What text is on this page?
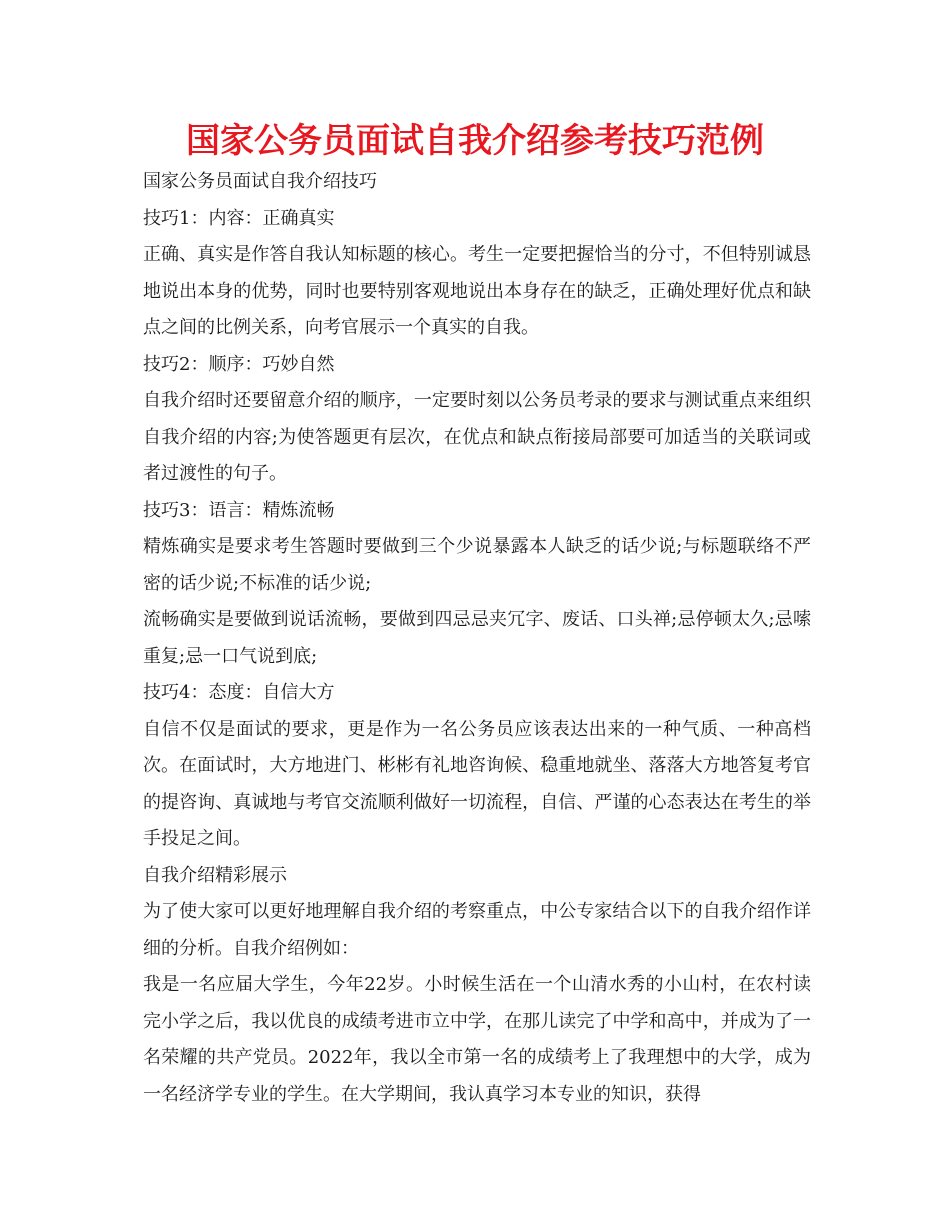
国家公务员面试自我介绍参考技巧范例

国家公务员面试自我介绍技巧

技巧1：内容：正确真实

正确、真实是作答自我认知标题的核心。考生一定要把握恰当的分寸，不但特别诚恳地说出本身的优势，同时也要特别客观地说出本身存在的缺乏，正确处理好优点和缺点之间的比例关系，向考官展示一个真实的自我。

技巧2：顺序：巧妙自然

自我介绍时还要留意介绍的顺序，一定要时刻以公务员考录的要求与测试重点来组织自我介绍的内容;为使答题更有层次，在优点和缺点衔接局部要可加适当的关联词或者过渡性的句子。

技巧3：语言：精炼流畅

精炼确实是要求考生答题时要做到三个少说暴露本人缺乏的话少说;与标题联络不严密的话少说;不标准的话少说;

流畅确实是要做到说话流畅，要做到四忌忌夹冗字、废话、口头禅;忌停顿太久;忌嗦重复;忌一口气说到底;

技巧4：态度：自信大方

自信不仅是面试的要求，更是作为一名公务员应该表达出来的一种气质、一种高档次。在面试时，大方地进门、彬彬有礼地咨询候、稳重地就坐、落落大方地答复考官的提咨询、真诚地与考官交流顺利做好一切流程，自信、严谨的心态表达在考生的举手投足之间。

自我介绍精彩展示

为了使大家可以更好地理解自我介绍的考察重点，中公专家结合以下的自我介绍作详细的分析。自我介绍例如：

我是一名应届大学生，今年22岁。小时候生活在一个山清水秀的小山村，在农村读完小学之后，我以优良的成绩考进市立中学，在那儿读完了中学和高中，并成为了一名荣耀的共产党员。2022年，我以全市第一名的成绩考上了我理想中的大学，成为一名经济学专业的学生。在大学期间，我认真学习本专业的知识，获得
